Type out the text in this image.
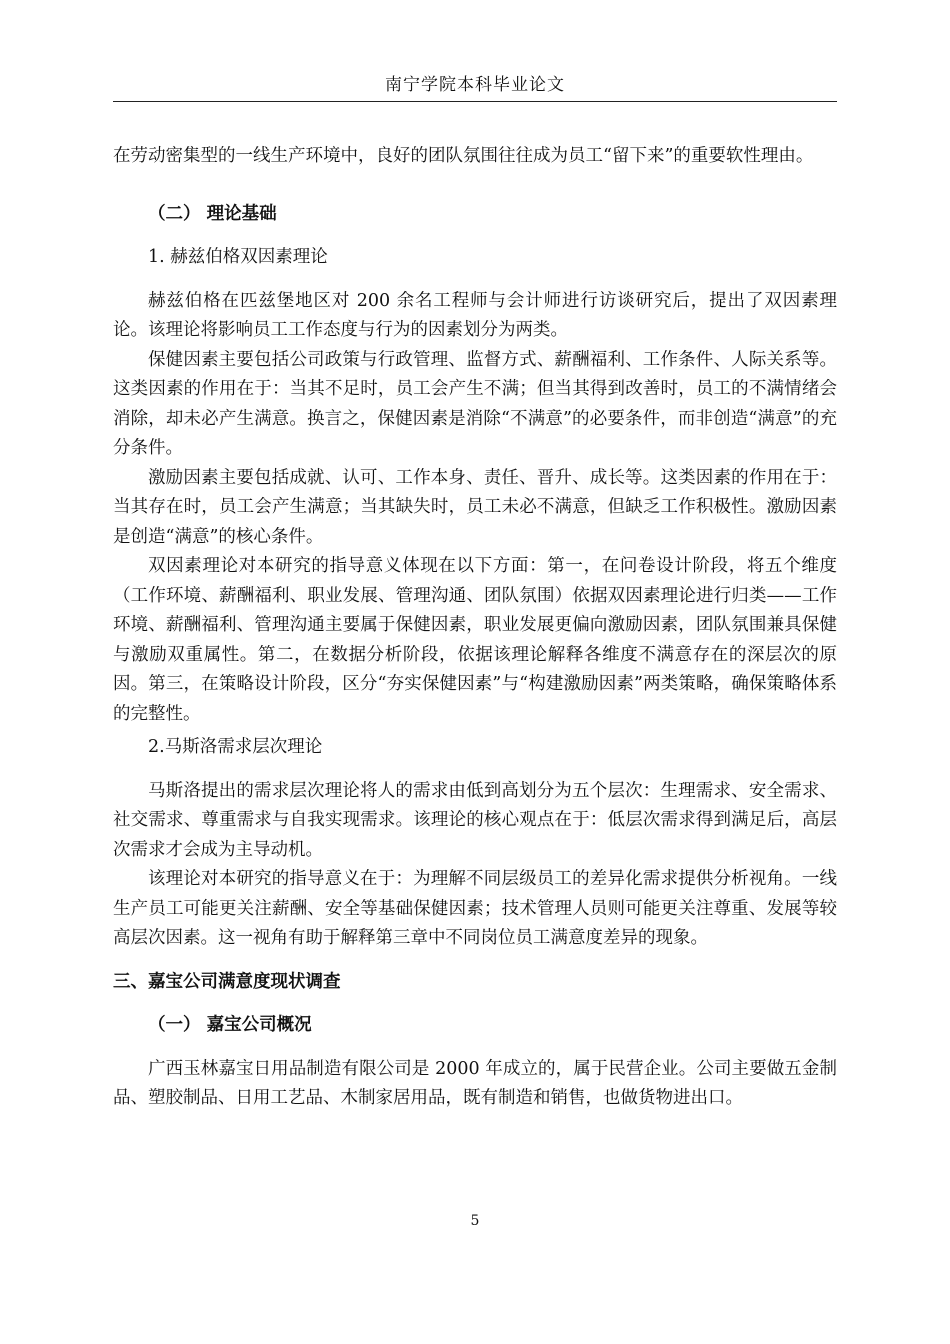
南宁学院本科毕业论文

在劳动密集型的一线生产环境中，良好的团队氛围往往成为员工“留下来”的重要软性理由。

（二） 理论基础

1. 赫兹伯格双因素理论

赫兹伯格在匹兹堡地区对 200 余名工程师与会计师进行访谈研究后，提出了双因素理论。该理论将影响员工工作态度与行为的因素划分为两类。

保健因素主要包括公司政策与行政管理、监督方式、薪酬福利、工作条件、人际关系等。这类因素的作用在于：当其不足时，员工会产生不满；但当其得到改善时，员工的不满情绪会消除，却未必产生满意。换言之，保健因素是消除“不满意”的必要条件，而非创造“满意”的充分条件。

激励因素主要包括成就、认可、工作本身、责任、晋升、成长等。这类因素的作用在于：当其存在时，员工会产生满意；当其缺失时，员工未必不满意，但缺乏工作积极性。激励因素是创造“满意”的核心条件。

双因素理论对本研究的指导意义体现在以下方面：第一，在问卷设计阶段，将五个维度（工作环境、薪酬福利、职业发展、管理沟通、团队氛围）依据双因素理论进行归类——工作环境、薪酬福利、管理沟通主要属于保健因素，职业发展更偏向激励因素，团队氛围兼具保健与激励双重属性。第二，在数据分析阶段，依据该理论解释各维度不满意存在的深层次的原因。第三，在策略设计阶段，区分“夯实保健因素”与“构建激励因素”两类策略，确保策略体系的完整性。

2.马斯洛需求层次理论

马斯洛提出的需求层次理论将人的需求由低到高划分为五个层次：生理需求、安全需求、社交需求、尊重需求与自我实现需求。该理论的核心观点在于：低层次需求得到满足后，高层次需求才会成为主导动机。

该理论对本研究的指导意义在于：为理解不同层级员工的差异化需求提供分析视角。一线生产员工可能更关注薪酬、安全等基础保健因素；技术管理人员则可能更关注尊重、发展等较高层次因素。这一视角有助于解释第三章中不同岗位员工满意度差异的现象。

三、嘉宝公司满意度现状调查

（一） 嘉宝公司概况

广西玉林嘉宝日用品制造有限公司是 2000 年成立的，属于民营企业。公司主要做五金制品、塑胶制品、日用工艺品、木制家居用品，既有制造和销售，也做货物进出口。

5
